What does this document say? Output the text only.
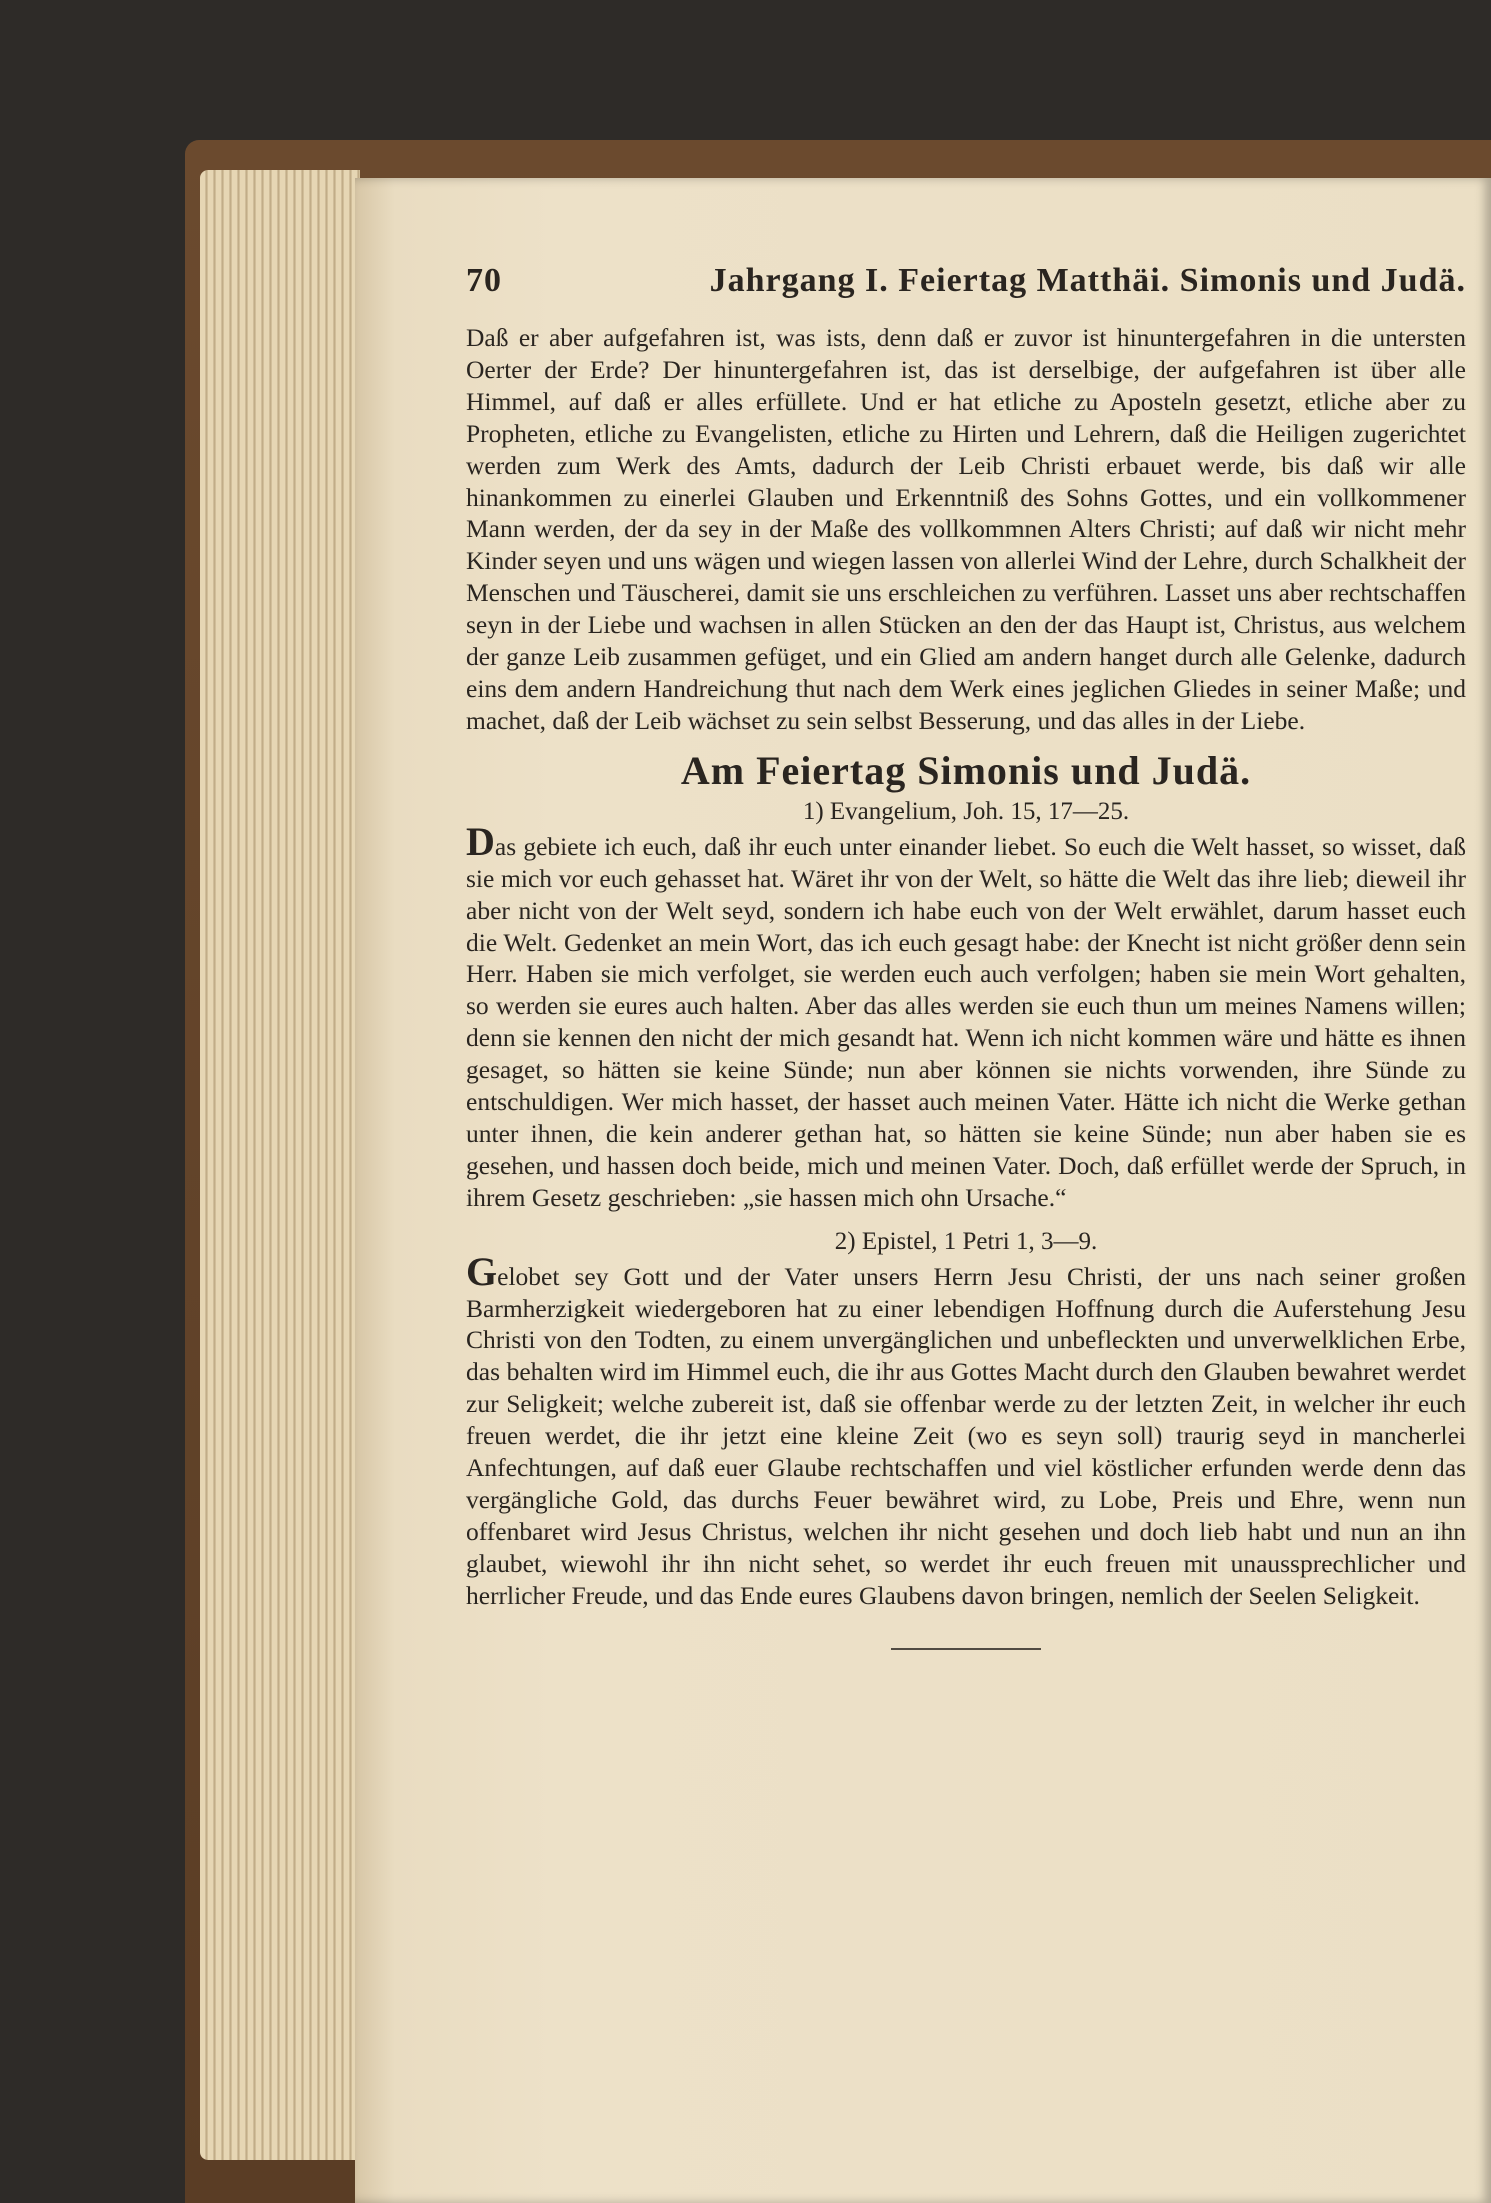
70	Jahrgang I. Feiertag Matthäi. Simonis und Judä.

Daß er aber aufgefahren ist, was ists, denn daß er zuvor ist hinuntergefahren in die untersten Oerter der Erde? Der hinuntergefahren ist, das ist derselbige, der aufgefahren ist über alle Himmel, auf daß er alles erfüllete. Und er hat etliche zu Aposteln gesetzt, etliche aber zu Propheten, etliche zu Evangelisten, etliche zu Hirten und Lehrern, daß die Heiligen zugerichtet werden zum Werk des Amts, dadurch der Leib Christi erbauet werde, bis daß wir alle hinankommen zu einerlei Glauben und Erkenntniß des Sohns Gottes, und ein vollkommener Mann werden, der da sey in der Maße des vollkommnen Alters Christi; auf daß wir nicht mehr Kinder seyen und uns wägen und wiegen lassen von allerlei Wind der Lehre, durch Schalkheit der Menschen und Täuscherei, damit sie uns erschleichen zu verführen. Lasset uns aber rechtschaffen seyn in der Liebe und wachsen in allen Stücken an den der das Haupt ist, Christus, aus welchem der ganze Leib zusammen gefüget, und ein Glied am andern hanget durch alle Gelenke, dadurch eins dem andern Handreichung thut nach dem Werk eines jeglichen Gliedes in seiner Maße; und machet, daß der Leib wächset zu sein selbst Besserung, und das alles in der Liebe.

Am Feiertag Simonis und Judä.
1) Evangelium, Joh. 15, 17—25.

Das gebiete ich euch, daß ihr euch unter einander liebet. So euch die Welt hasset, so wisset, daß sie mich vor euch gehasset hat. Wäret ihr von der Welt, so hätte die Welt das ihre lieb; dieweil ihr aber nicht von der Welt seyd, sondern ich habe euch von der Welt erwählet, darum hasset euch die Welt. Gedenket an mein Wort, das ich euch gesagt habe: der Knecht ist nicht größer denn sein Herr. Haben sie mich verfolget, sie werden euch auch verfolgen; haben sie mein Wort gehalten, so werden sie eures auch halten. Aber das alles werden sie euch thun um meines Namens willen; denn sie kennen den nicht der mich gesandt hat. Wenn ich nicht kommen wäre und hätte es ihnen gesaget, so hätten sie keine Sünde; nun aber können sie nichts vorwenden, ihre Sünde zu entschuldigen. Wer mich hasset, der hasset auch meinen Vater. Hätte ich nicht die Werke gethan unter ihnen, die kein anderer gethan hat, so hätten sie keine Sünde; nun aber haben sie es gesehen, und hassen doch beide, mich und meinen Vater. Doch, daß erfüllet werde der Spruch, in ihrem Gesetz geschrieben: „sie hassen mich ohn Ursache.“

2) Epistel, 1 Petri 1, 3—9.

Gelobet sey Gott und der Vater unsers Herrn Jesu Christi, der uns nach seiner großen Barmherzigkeit wiedergeboren hat zu einer lebendigen Hoffnung durch die Auferstehung Jesu Christi von den Todten, zu einem unvergänglichen und unbefleckten und unverwelklichen Erbe, das behalten wird im Himmel euch, die ihr aus Gottes Macht durch den Glauben bewahret werdet zur Seligkeit; welche zubereit ist, daß sie offenbar werde zu der letzten Zeit, in welcher ihr euch freuen werdet, die ihr jetzt eine kleine Zeit (wo es seyn soll) traurig seyd in mancherlei Anfechtungen, auf daß euer Glaube rechtschaffen und viel köstlicher erfunden werde denn das vergängliche Gold, das durchs Feuer bewähret wird, zu Lobe, Preis und Ehre, wenn nun offenbaret wird Jesus Christus, welchen ihr nicht gesehen und doch lieb habt und nun an ihn glaubet, wiewohl ihr ihn nicht sehet, so werdet ihr euch freuen mit unaussprechlicher und herrlicher Freude, und das Ende eures Glaubens davon bringen, nemlich der Seelen Seligkeit.
